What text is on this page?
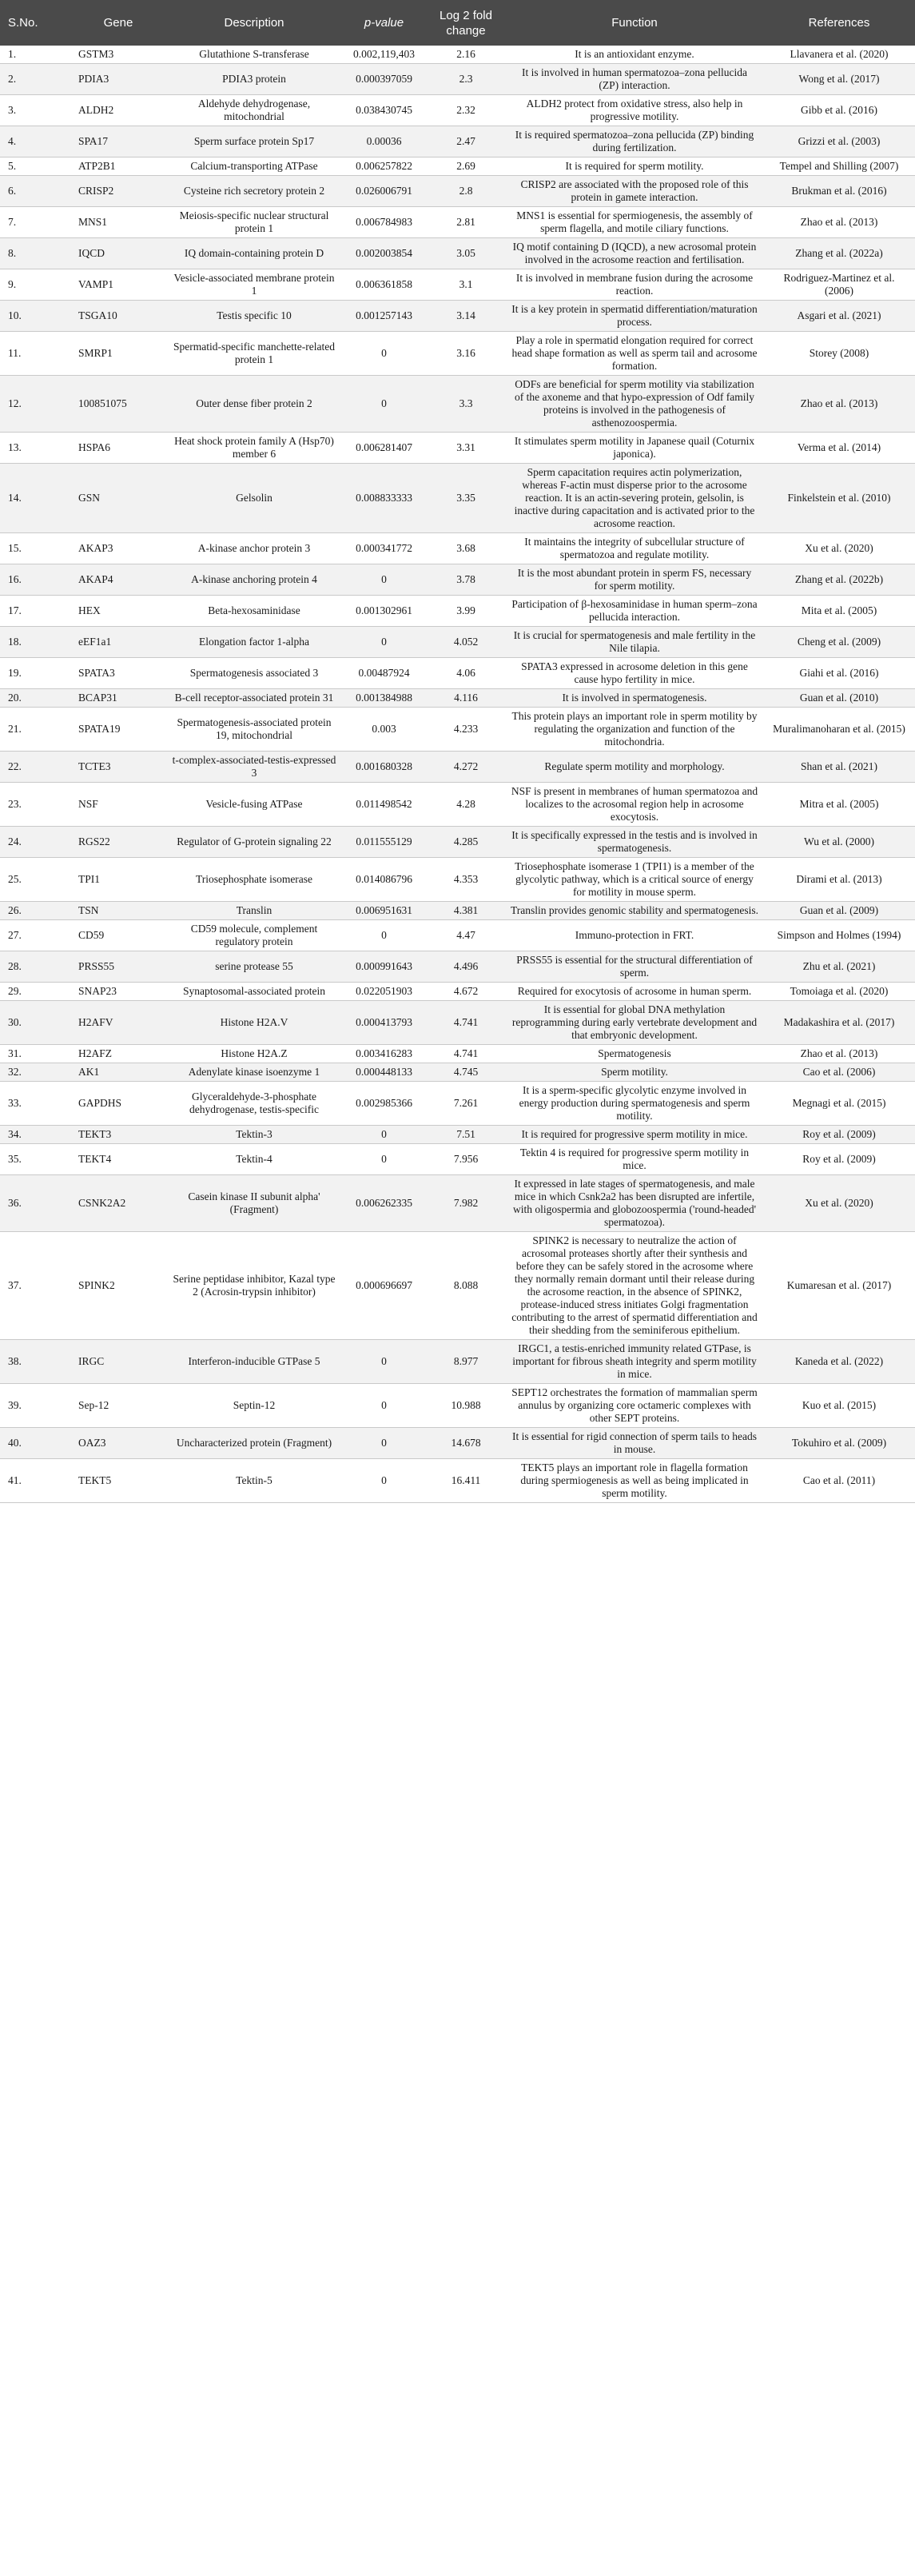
S.No.	Gene	Description	p-value	Log 2 fold change	Function	References
1.	GSTM3	Glutathione S-transferase	0.002,119,403	2.16	It is an antioxidant enzyme.	Llavanera et al. (2020)
2.	PDIA3	PDIA3 protein	0.000397059	2.3	It is involved in human spermatozoa–zona pellucida (ZP) interaction.	Wong et al. (2017)
3.	ALDH2	Aldehyde dehydrogenase, mitochondrial	0.038430745	2.32	ALDH2 protect from oxidative stress, also help in progressive motility.	Gibb et al. (2016)
4.	SPA17	Sperm surface protein Sp17	0.00036	2.47	It is required spermatozoa–zona pellucida (ZP) binding during fertilization.	Grizzi et al. (2003)
5.	ATP2B1	Calcium-transporting ATPase	0.006257822	2.69	It is required for sperm motility.	Tempel and Shilling (2007)
6.	CRISP2	Cysteine rich secretory protein 2	0.026006791	2.8	CRISP2 are associated with the proposed role of this protein in gamete interaction.	Brukman et al. (2016)
7.	MNS1	Meiosis-specific nuclear structural protein 1	0.006784983	2.81	MNS1 is essential for spermiogenesis, the assembly of sperm flagella, and motile ciliary functions.	Zhao et al. (2013)
8.	IQCD	IQ domain-containing protein D	0.002003854	3.05	IQ motif containing D (IQCD), a new acrosomal protein involved in the acrosome reaction and fertilisation.	Zhang et al. (2022a)
9.	VAMP1	Vesicle-associated membrane protein 1	0.006361858	3.1	It is involved in membrane fusion during the acrosome reaction.	Rodriguez-Martinez et al. (2006)
10.	TSGA10	Testis specific 10	0.001257143	3.14	It is a key protein in spermatid differentiation/maturation process.	Asgari et al. (2021)
11.	SMRP1	Spermatid-specific manchette-related protein 1	0	3.16	Play a role in spermatid elongation required for correct head shape formation as well as sperm tail and acrosome formation.	Storey (2008)
12.	100851075	Outer dense fiber protein 2	0	3.3	ODFs are beneficial for sperm motility via stabilization of the axoneme and that hypo-expression of Odf family proteins is involved in the pathogenesis of asthenozoospermia.	Zhao et al. (2013)
13.	HSPA6	Heat shock protein family A (Hsp70) member 6	0.006281407	3.31	It stimulates sperm motility in Japanese quail (Coturnix japonica).	Verma et al. (2014)
14.	GSN	Gelsolin	0.008833333	3.35	Sperm capacitation requires actin polymerization, whereas F-actin must disperse prior to the acrosome reaction. It is an actin-severing protein, gelsolin, is inactive during capacitation and is activated prior to the acrosome reaction.	Finkelstein et al. (2010)
15.	AKAP3	A-kinase anchor protein 3	0.000341772	3.68	It maintains the integrity of subcellular structure of spermatozoa and regulate motility.	Xu et al. (2020)
16.	AKAP4	A-kinase anchoring protein 4	0	3.78	It is the most abundant protein in sperm FS, necessary for sperm motility.	Zhang et al. (2022b)
17.	HEX	Beta-hexosaminidase	0.001302961	3.99	Participation of β-hexosaminidase in human sperm–zona pellucida interaction.	Mita et al. (2005)
18.	eEF1a1	Elongation factor 1-alpha	0	4.052	It is crucial for spermatogenesis and male fertility in the Nile tilapia.	Cheng et al. (2009)
19.	SPATA3	Spermatogenesis associated 3	0.00487924	4.06	SPATA3 expressed in acrosome deletion in this gene cause hypo fertility in mice.	Giahi et al. (2016)
20.	BCAP31	B-cell receptor-associated protein 31	0.001384988	4.116	It is involved in spermatogenesis.	Guan et al. (2010)
21.	SPATA19	Spermatogenesis-associated protein 19, mitochondrial	0.003	4.233	This protein plays an important role in sperm motility by regulating the organization and function of the mitochondria.	Muralimanoharan et al. (2015)
22.	TCTE3	t-complex-associated-testis-expressed 3	0.001680328	4.272	Regulate sperm motility and morphology.	Shan et al. (2021)
23.	NSF	Vesicle-fusing ATPase	0.011498542	4.28	NSF is present in membranes of human spermatozoa and localizes to the acrosomal region help in acrosome exocytosis.	Mitra et al. (2005)
24.	RGS22	Regulator of G-protein signaling 22	0.011555129	4.285	It is specifically expressed in the testis and is involved in spermatogenesis.	Wu et al. (2000)
25.	TPI1	Triosephosphate isomerase	0.014086796	4.353	Triosephosphate isomerase 1 (TPI1) is a member of the glycolytic pathway, which is a critical source of energy for motility in mouse sperm.	Dirami et al. (2013)
26.	TSN	Translin	0.006951631	4.381	Translin provides genomic stability and spermatogenesis.	Guan et al. (2009)
27.	CD59	CD59 molecule, complement regulatory protein	0	4.47	Immuno-protection in FRT.	Simpson and Holmes (1994)
28.	PRSS55	serine protease 55	0.000991643	4.496	PRSS55 is essential for the structural differentiation of sperm.	Zhu et al. (2021)
29.	SNAP23	Synaptosomal-associated protein	0.022051903	4.672	Required for exocytosis of acrosome in human sperm.	Tomoiaga et al. (2020)
30.	H2AFV	Histone H2A.V	0.000413793	4.741	It is essential for global DNA methylation reprogramming during early vertebrate development and that embryonic development.	Madakashira et al. (2017)
31.	H2AFZ	Histone H2A.Z	0.003416283	4.741	Spermatogenesis	Zhao et al. (2013)
32.	AK1	Adenylate kinase isoenzyme 1	0.000448133	4.745	Sperm motility.	Cao et al. (2006)
33.	GAPDHS	Glyceraldehyde-3-phosphate dehydrogenase, testis-specific	0.002985366	7.261	It is a sperm-specific glycolytic enzyme involved in energy production during spermatogenesis and sperm motility.	Megnagi et al. (2015)
34.	TEKT3	Tektin-3	0	7.51	It is required for progressive sperm motility in mice.	Roy et al. (2009)
35.	TEKT4	Tektin-4	0	7.956	Tektin 4 is required for progressive sperm motility in mice.	Roy et al. (2009)
36.	CSNK2A2	Casein kinase II subunit alpha' (Fragment)	0.006262335	7.982	It expressed in late stages of spermatogenesis, and male mice in which Csnk2a2 has been disrupted are infertile, with oligospermia and globozoospermia ('round-headed' spermatozoa).	Xu et al. (2020)
37.	SPINK2	Serine peptidase inhibitor, Kazal type 2 (Acrosin-trypsin inhibitor)	0.000696697	8.088	SPINK2 is necessary to neutralize the action of acrosomal proteases shortly after their synthesis and before they can be safely stored in the acrosome where they normally remain dormant until their release during the acrosome reaction, in the absence of SPINK2, protease-induced stress initiates Golgi fragmentation contributing to the arrest of spermatid differentiation and their shedding from the seminiferous epithelium.	Kumaresan et al. (2017)
38.	IRGC	Interferon-inducible GTPase 5	0	8.977	IRGC1, a testis-enriched immunity related GTPase, is important for fibrous sheath integrity and sperm motility in mice.	Kaneda et al. (2022)
39.	Sep-12	Septin-12	0	10.988	SEPT12 orchestrates the formation of mammalian sperm annulus by organizing core octameric complexes with other SEPT proteins.	Kuo et al. (2015)
40.	OAZ3	Uncharacterized protein (Fragment)	0	14.678	It is essential for rigid connection of sperm tails to heads in mouse.	Tokuhiro et al. (2009)
41.	TEKT5	Tektin-5	0	16.411	TEKT5 plays an important role in flagella formation during spermiogenesis as well as being implicated in sperm motility.	Cao et al. (2011)
